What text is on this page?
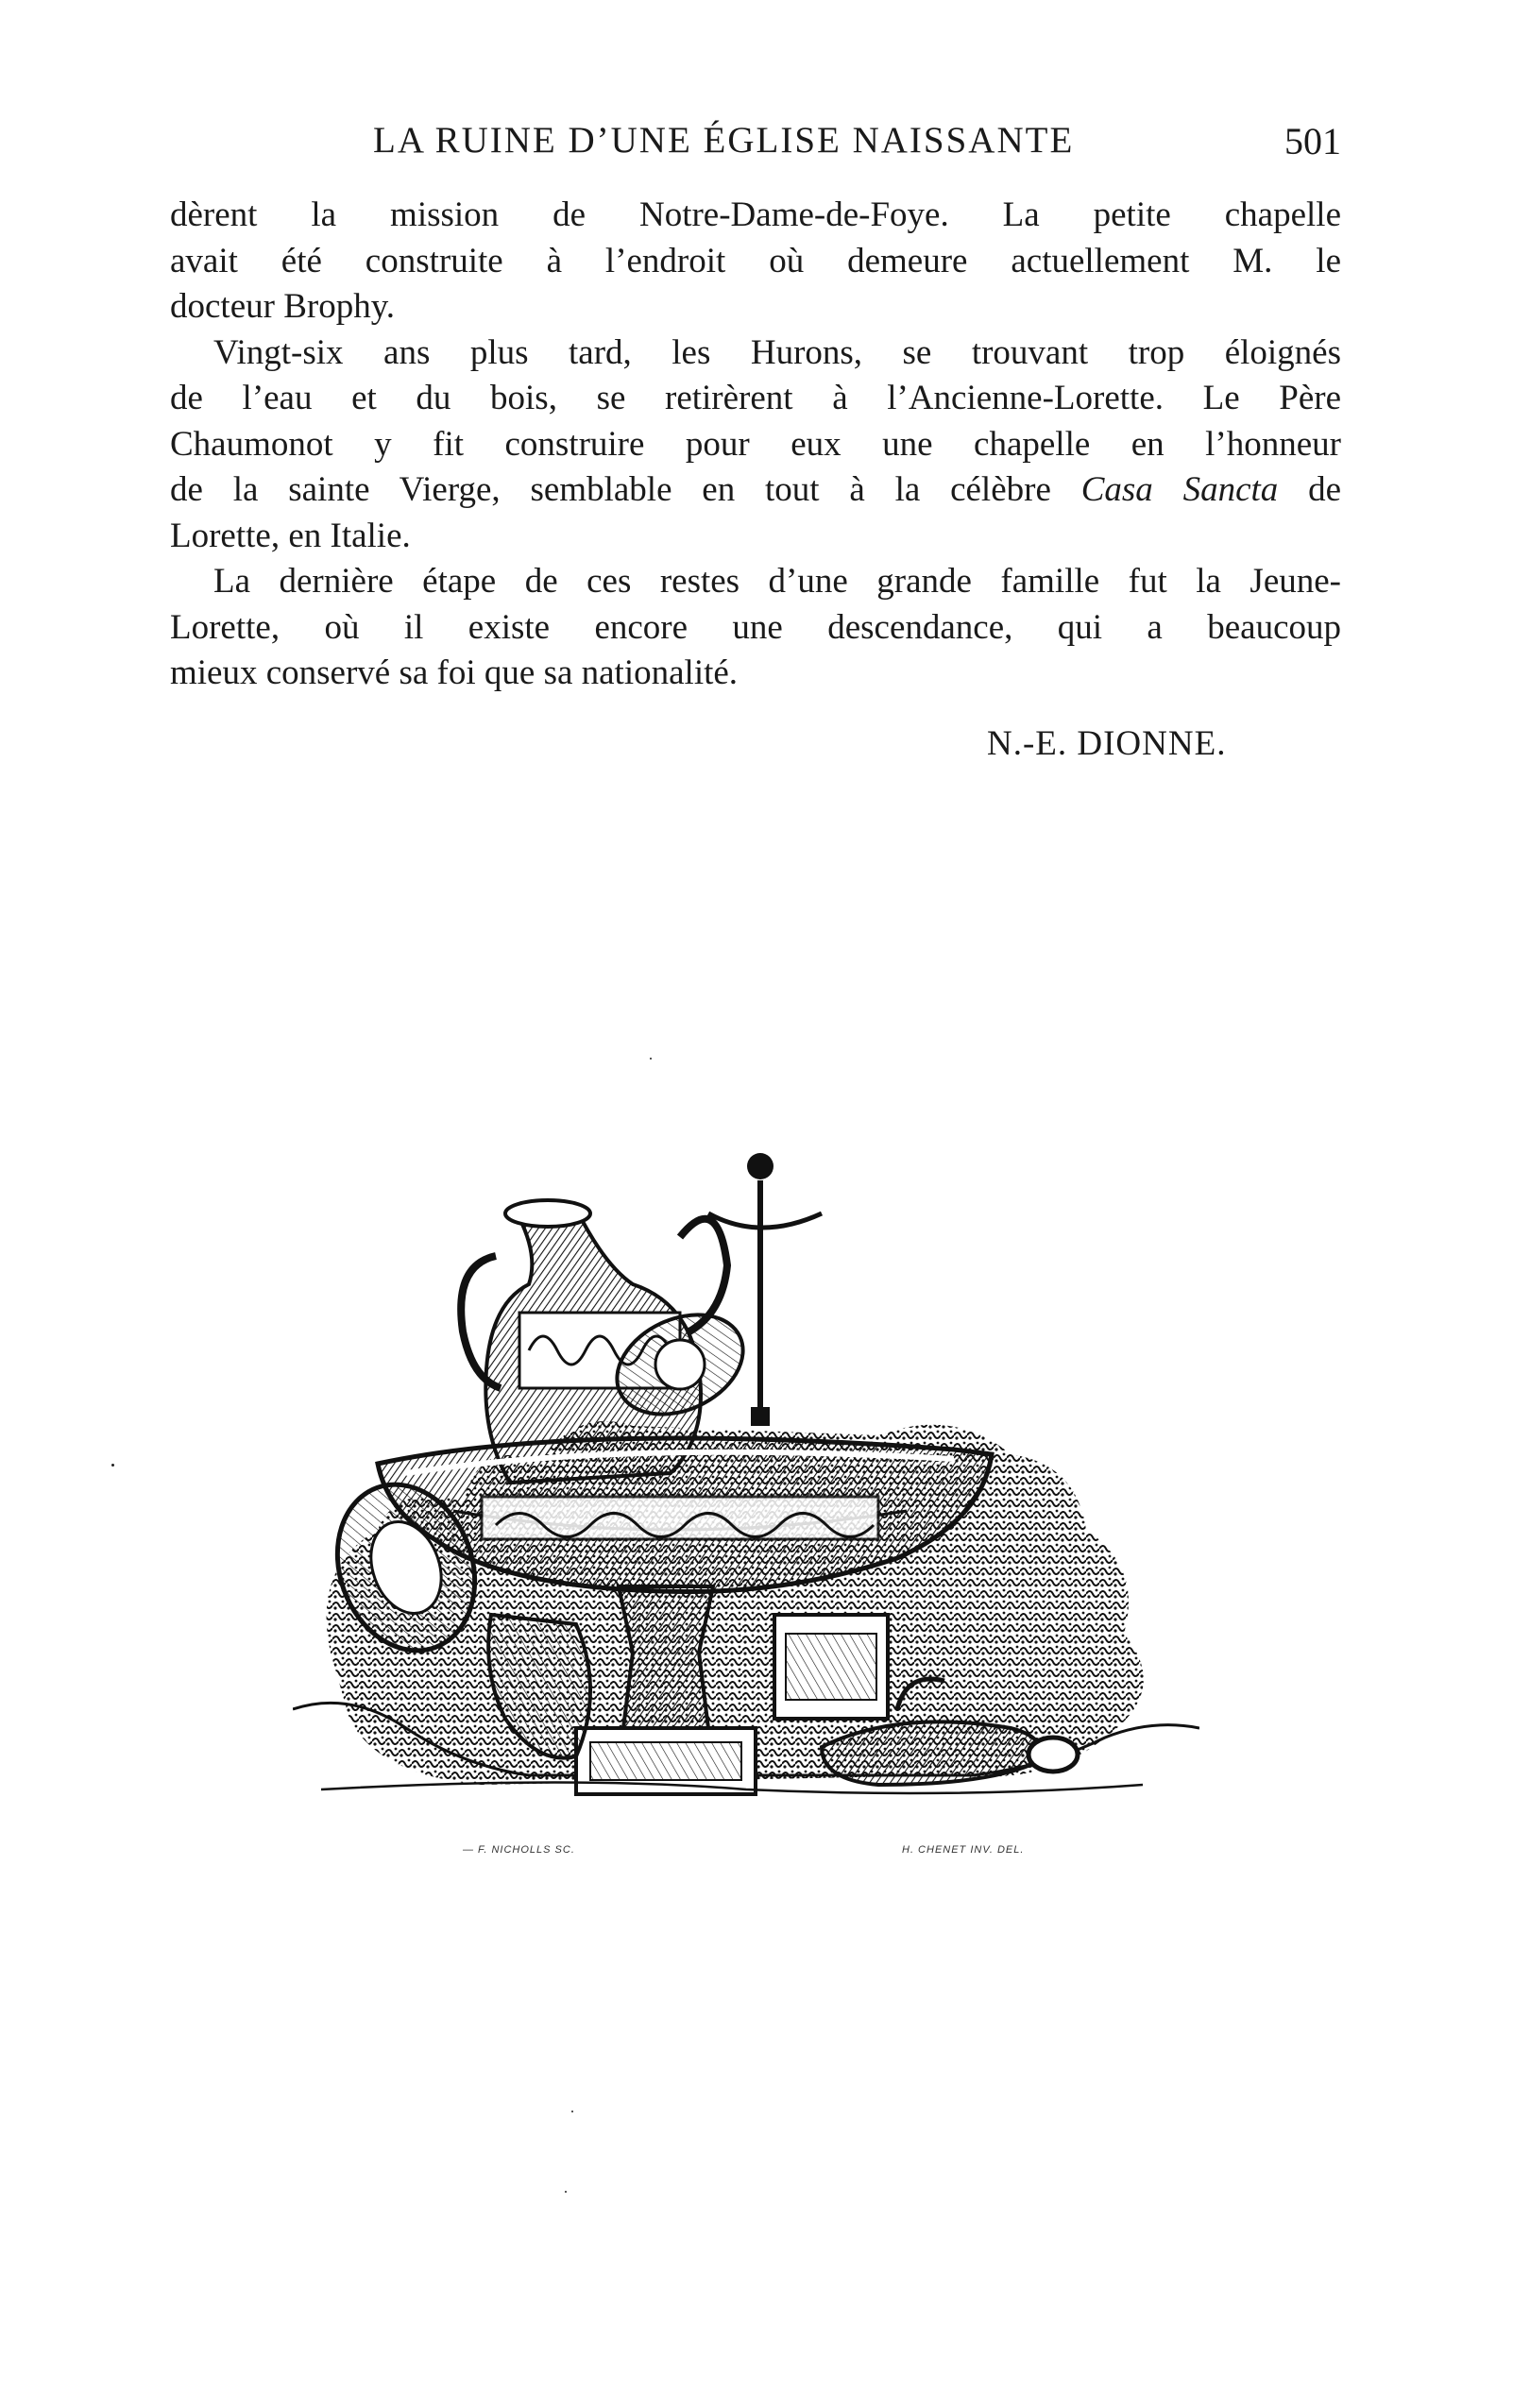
LA RUINE D’UNE ÉGLISE NAISSANTE	501
dèrent la mission de Notre-Dame-de-Foye. La petite chapelle
avait été construite à l’endroit où demeure actuellement M. le
docteur Brophy.
Vingt-six ans plus tard, les Hurons, se trouvant trop éloignés
de l’eau et du bois, se retirèrent à l’Ancienne-Lorette. Le Père
Chaumonot y fit construire pour eux une chapelle en l’honneur
de la sainte Vierge, semblable en tout à la célèbre Casa Sancta de
Lorette, en Italie.
La dernière étape de ces restes d’une grande famille fut la Jeune-
Lorette, où il existe encore une descendance, qui a beaucoup
mieux conservé sa foi que sa nationalité.
N.-E. DIONNE.
— F. NICHOLLS SC.	H. CHENET INV. DEL.
